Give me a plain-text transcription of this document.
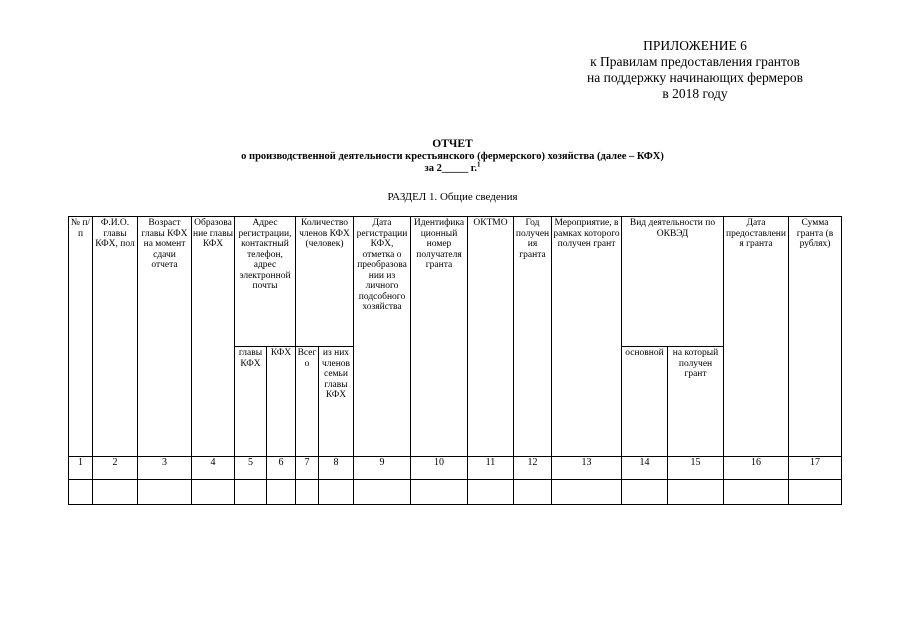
ПРИЛОЖЕНИЕ 6
к Правилам предоставления грантов
на поддержку начинающих фермеров
в 2018 году
ОТЧЕТ
о производственной деятельности крестьянского (фермерского) хозяйства (далее – КФХ)
за 2_____ г.$^1$
РАЗДЕЛ 1. Общие сведения
№ п/п	Ф.И.О. главы КФХ, пол	Возраст главы КФХ на момент сдачи отчета	Образование главы КФХ	Адрес регистрации, контактный телефон, адрес электронной почты		Количество членов КФХ (человек)		Дата регистрации КФХ, отметка о преобразовании из личного подсобного хозяйства	Идентификационный номер получателя гранта	ОКТМО	Год получения гранта	Мероприятие, в рамках которого получен грант	Вид деятельности по ОКВЭД		Дата предоставления гранта	Сумма гранта (в рублях)
				главы КФХ	КФХ	Всего	из них членов семьи главы КФХ						основной	на который получен грант		
1	2	3	4	5	6	7	8	9	10	11	12	13	14	15	16	17
